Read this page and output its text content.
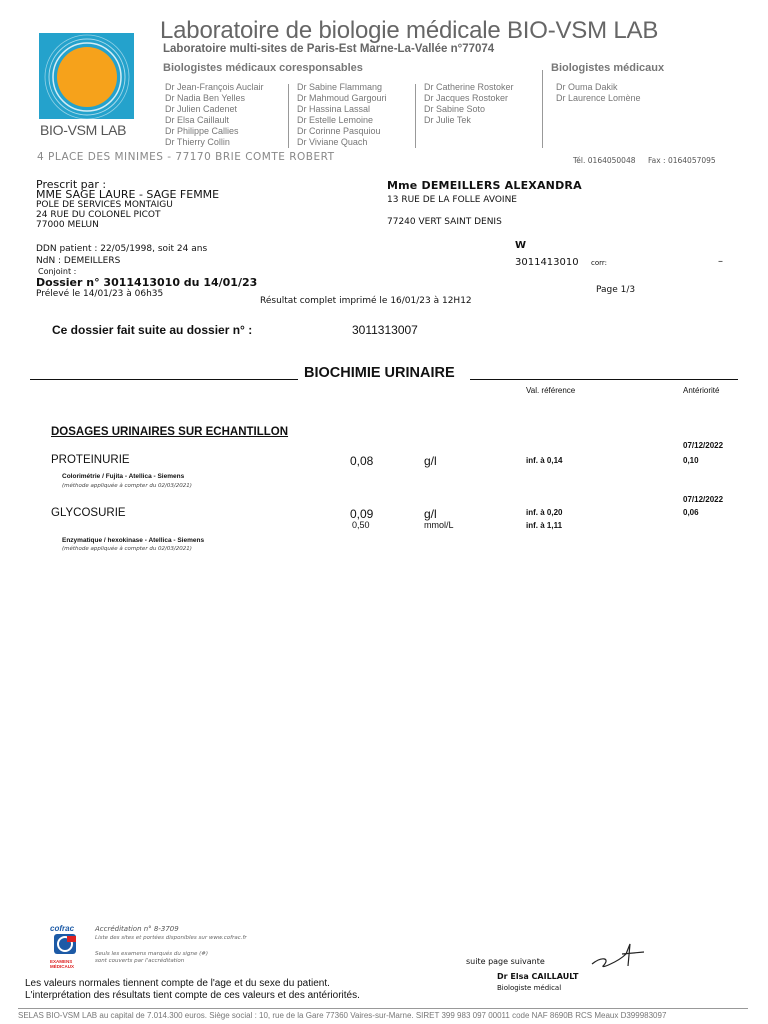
BIO-VSM LAB
Laboratoire de biologie médicale BIO-VSM LAB
Laboratoire multi-sites de Paris-Est Marne-La-Vallée n°77074
Biologistes médicaux coresponsables	Biologistes médicaux
Dr Jean-François Auclair
Dr Nadia Ben Yelles
Dr Julien Cadenet
Dr Elsa Caillault
Dr Philippe Callies
Dr Thierry Collin
Dr Sabine Flammang
Dr Mahmoud Gargouri
Dr Hassina Lassal
Dr Estelle Lemoine
Dr Corinne Pasquiou
Dr Viviane Quach
Dr Catherine Rostoker
Dr Jacques Rostoker
Dr Sabine Soto
Dr Julie Tek
Dr Ouma Dakik
Dr Laurence Lomène
4 PLACE DES MINIMES - 77170 BRIE COMTE ROBERT	Tél. 0164050048 Fax : 0164057095
Prescrit par :
MME SAGE LAURE - SAGE FEMME
POLE DE SERVICES MONTAIGU
24 RUE DU COLONEL PICOT
77000 MELUN
Mme DEMEILLERS ALEXANDRA
13 RUE DE LA FOLLE AVOINE
77240 VERT SAINT DENIS
DDN patient : 22/05/1998, soit 24 ans
NdN : DEMEILLERS
Conjoint :
W
3011413010 corr:	–
Dossier n° 3011413010 du 14/01/23
Prélevé le 14/01/23 à 06h35
Résultat complet imprimé le 16/01/23 à 12H12
Page 1/3
Ce dossier fait suite au dossier n° :	3011313007
BIOCHIMIE URINAIRE
Val. référence	Antériorité
DOSAGES URINAIRES SUR ECHANTILLON
07/12/2022
PROTEINURIE	0,08	g/l	inf. à 0,14	0,10
Colorimétrie / Fujita - Atellica - Siemens
(méthode appliquée à compter du 02/03/2021)
07/12/2022
GLYCOSURIE	0,09	g/l	inf. à 0,20	0,06
0,50	mmol/L	inf. à 1,11
Enzymatique / hexokinase - Atellica - Siemens
(méthode appliquée à compter du 02/03/2021)
cofrac
EXAMENS
MÉDICAUX
Accréditation n° 8-3709
Liste des sites et portées disponibles sur www.cofrac.fr
Seuls les examens marqués du signe (#)
sont couverts par l'accréditation	suite page suivante
Dr Elsa CAILLAULT
Biologiste médical
Les valeurs normales tiennent compte de l'age et du sexe du patient.
L'interprétation des résultats tient compte de ces valeurs et des antériorités.
SELAS BIO-VSM LAB au capital de 7.014.300 euros. Siège social : 10, rue de la Gare 77360 Vaires-sur-Marne. SIRET 399 983 097 00011 code NAF 8690B RCS Meaux D399983097
